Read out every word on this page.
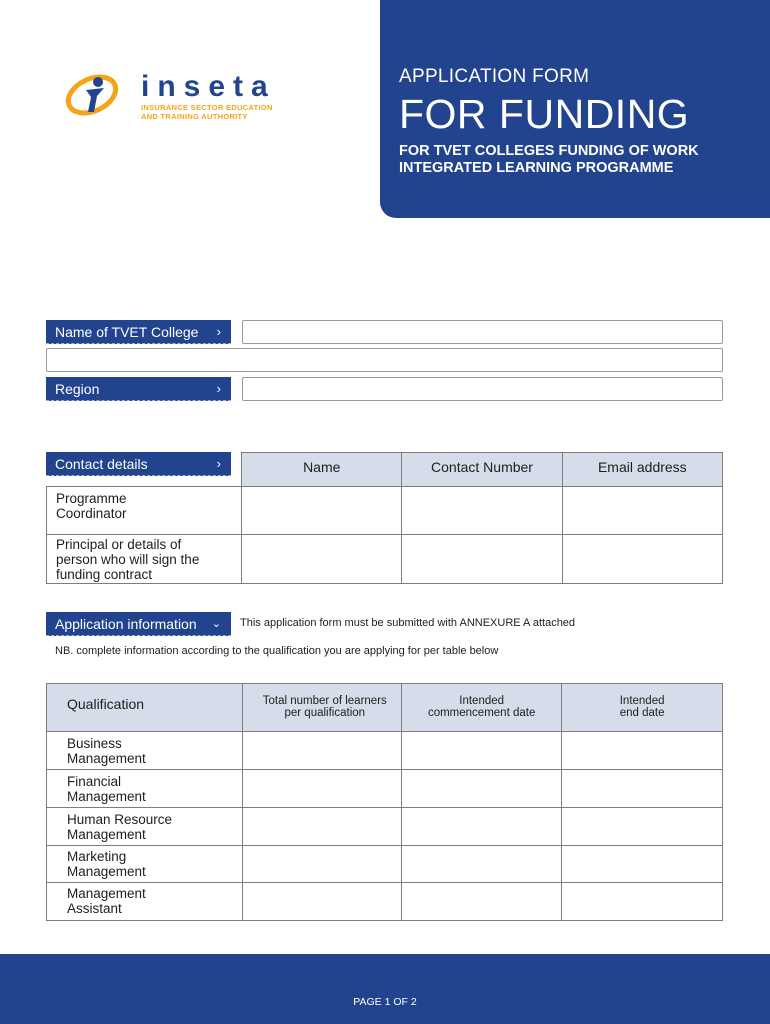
inseta
INSURANCE SECTOR EDUCATION
AND TRAINING AUTHORITY
APPLICATION FORM
FOR FUNDING
FOR TVET COLLEGES FUNDING OF WORK INTEGRATED LEARNING PROGRAMME
Name of TVET College ›
Region	›
Contact details	›

	Name	Contact Number	Email address

Programme Coordinator			

Principal or details of person who will sign the funding contract			

Application information ⌄ This application form must be submitted with ANNEXURE A attached
NB. complete information according to the qualification you are applying for per table below
Qualification	Total number of learners per qualification	Intended commencement date	Intended end date

Business Management			

Financial Management			

Human Resource Management			

Marketing Management			

Management Assistant			

PAGE 1 OF 2
